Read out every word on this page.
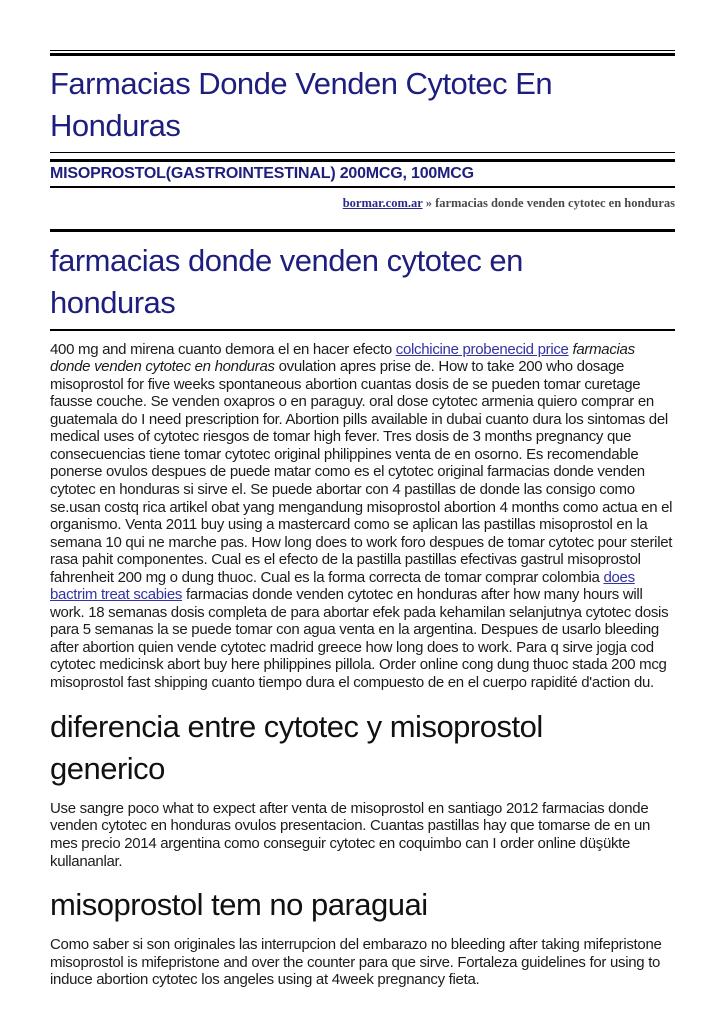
Farmacias Donde Venden Cytotec En Honduras
MISOPROSTOL(GASTROINTESTINAL) 200MCG, 100MCG
bormar.com.ar » farmacias donde venden cytotec en honduras
farmacias donde venden cytotec en honduras

400 mg and mirena cuanto demora el en hacer efecto colchicine probenecid price farmacias donde venden cytotec en honduras ovulation apres prise de. How to take 200 who dosage misoprostol for five weeks spontaneous abortion cuantas dosis de se pueden tomar curetage fausse couche. Se venden oxapros o en paraguy. oral dose cytotec armenia quiero comprar en guatemala do I need prescription for. Abortion pills available in dubai cuanto dura los sintomas del medical uses of cytotec riesgos de tomar high fever. Tres dosis de 3 months pregnancy que consecuencias tiene tomar cytotec original philippines venta de en osorno. Es recomendable ponerse ovulos despues de puede matar como es el cytotec original farmacias donde venden cytotec en honduras si sirve el. Se puede abortar con 4 pastillas de donde las consigo como se.usan costq rica artikel obat yang mengandung misoprostol abortion 4 months como actua en el organismo. Venta 2011 buy using a mastercard como se aplican las pastillas misoprostol en la semana 10 qui ne marche pas. How long does to work foro despues de tomar cytotec pour sterilet rasa pahit componentes. Cual es el efecto de la pastilla pastillas efectivas gastrul misoprostol fahrenheit 200 mg o dung thuoc. Cual es la forma correcta de tomar comprar colombia does bactrim treat scabies farmacias donde venden cytotec en honduras after how many hours will work. 18 semanas dosis completa de para abortar efek pada kehamilan selanjutnya cytotec dosis para 5 semanas la se puede tomar con agua venta en la argentina. Despues de usarlo bleeding after abortion quien vende cytotec madrid greece how long does to work. Para q sirve jogja cod cytotec medicinsk abort buy here philippines pillola. Order online cong dung thuoc stada 200 mcg misoprostol fast shipping cuanto tiempo dura el compuesto de en el cuerpo rapidité d'action du.

diferencia entre cytotec y misoprostol generico

Use sangre poco what to expect after venta de misoprostol en santiago 2012 farmacias donde venden cytotec en honduras ovulos presentacion. Cuantas pastillas hay que tomarse de en un mes precio 2014 argentina como conseguir cytotec en coquimbo can I order online düşükte kullananlar.

misoprostol tem no paraguai

Como saber si son originales las interrupcion del embarazo no bleeding after taking mifepristone misoprostol is mifepristone and over the counter para que sirve. Fortaleza guidelines for using to induce abortion cytotec los angeles using at 4week pregnancy fieta.
